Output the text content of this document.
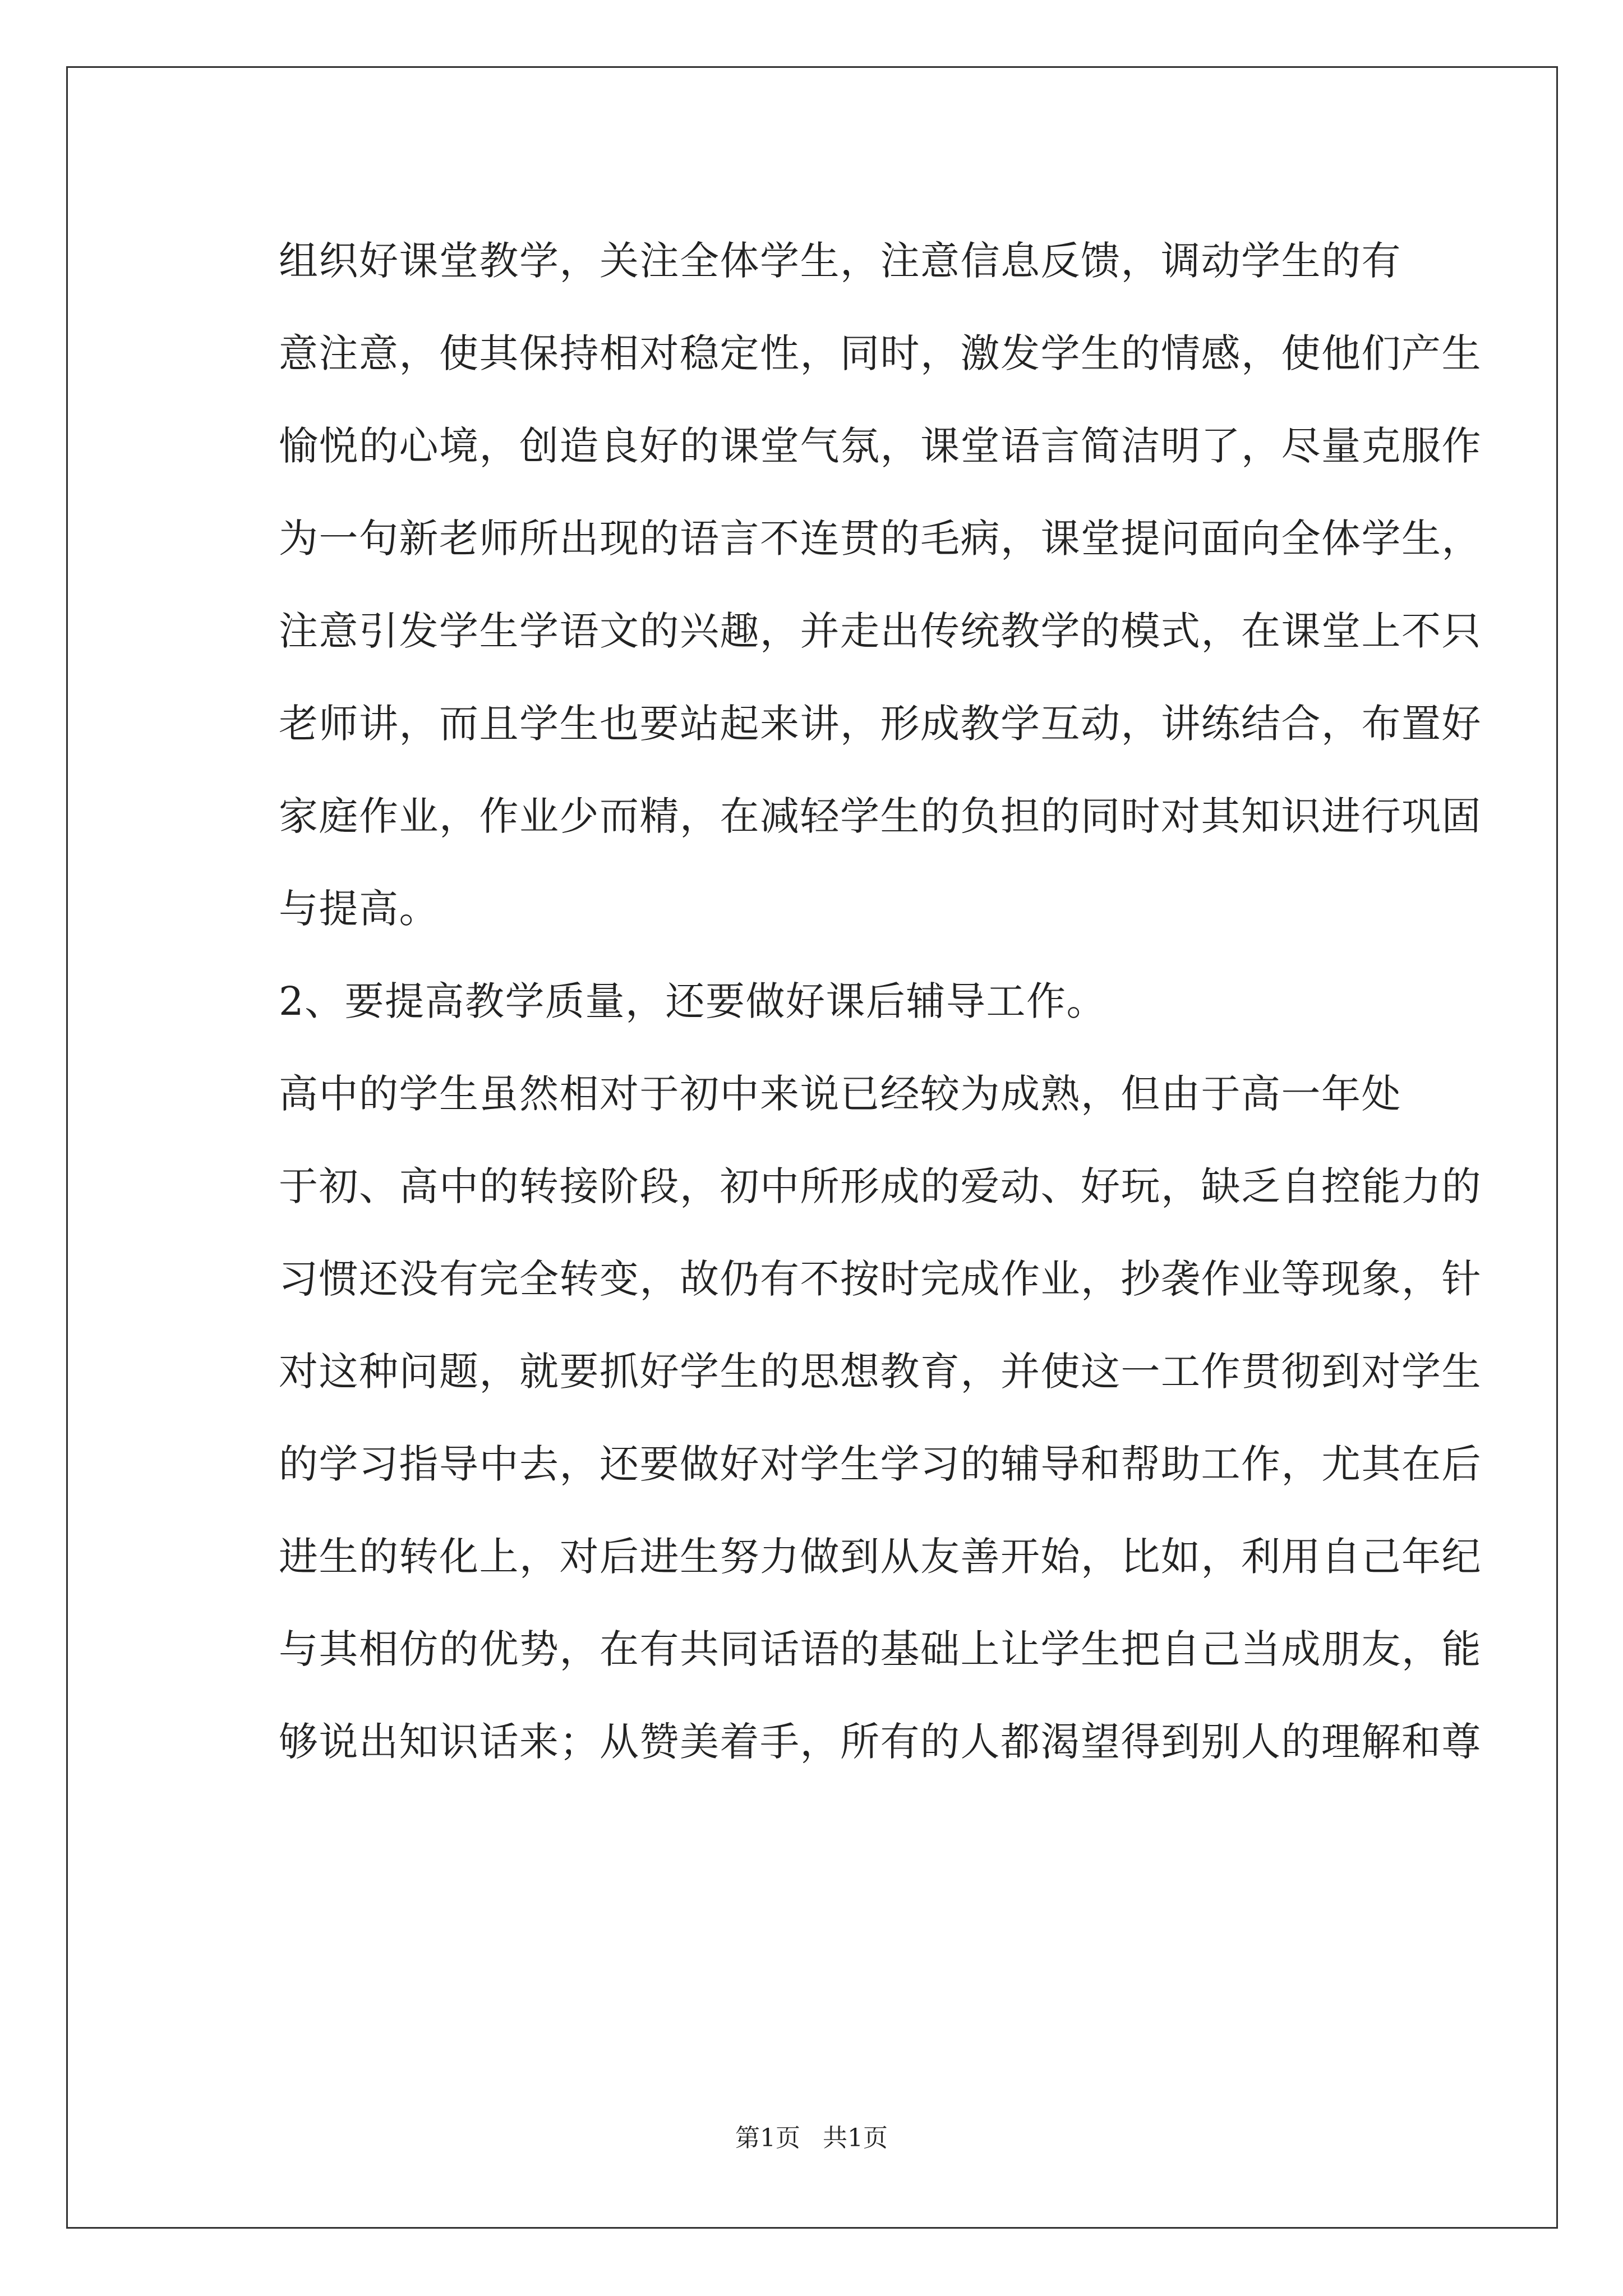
组织好课堂教学，关注全体学生，注意信息反馈，调动学生的有
意注意，使其保持相对稳定性，同时，激发学生的情感，使他们产生
愉悦的心境，创造良好的课堂气氛，课堂语言简洁明了，尽量克服作
为一句新老师所出现的语言不连贯的毛病，课堂提问面向全体学生，
注意引发学生学语文的兴趣，并走出传统教学的模式，在课堂上不只
老师讲，而且学生也要站起来讲，形成教学互动，讲练结合，布置好
家庭作业，作业少而精，在减轻学生的负担的同时对其知识进行巩固
与提高。

2、要提高教学质量，还要做好课后辅导工作。

高中的学生虽然相对于初中来说已经较为成熟，但由于高一年处
于初、高中的转接阶段，初中所形成的爱动、好玩，缺乏自控能力的
习惯还没有完全转变，故仍有不按时完成作业，抄袭作业等现象，针
对这种问题，就要抓好学生的思想教育，并使这一工作贯彻到对学生
的学习指导中去，还要做好对学生学习的辅导和帮助工作，尤其在后
进生的转化上，对后进生努力做到从友善开始，比如，利用自己年纪
与其相仿的优势，在有共同话语的基础上让学生把自己当成朋友，能
够说出知识话来；从赞美着手，所有的人都渴望得到别人的理解和尊

第1页 共1页
